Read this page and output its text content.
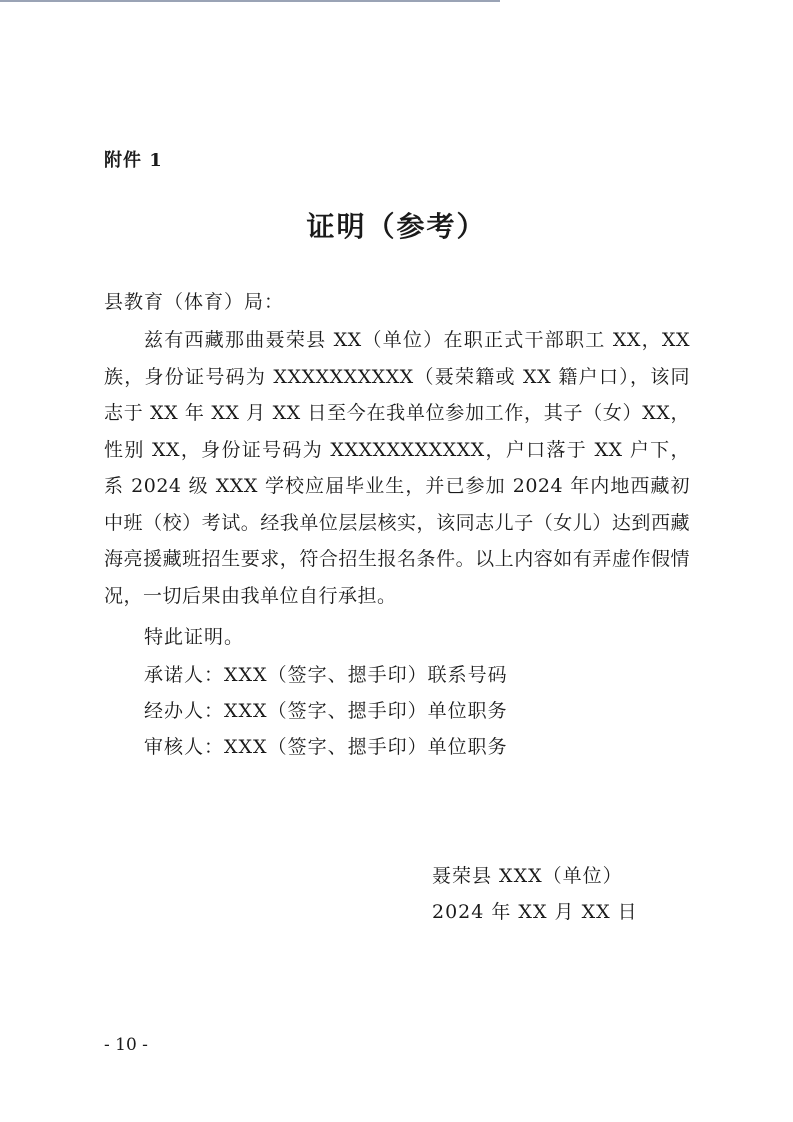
附件 1
证明（参考）
县教育（体育）局：
兹有西藏那曲聂荣县 XX（单位）在职正式干部职工 XX，XX 族，身份证号码为 XXXXXXXXXX（聂荣籍或 XX 籍户口），该同志于 XX 年 XX 月 XX 日至今在我单位参加工作，其子（女）XX，性别 XX，身份证号码为 XXXXXXXXXXX，户口落于 XX 户下，系 2024 级 XXX 学校应届毕业生，并已参加 2024 年内地西藏初中班（校）考试。经我单位层层核实，该同志儿子（女儿）达到西藏海亮援藏班招生要求，符合招生报名条件。以上内容如有弄虚作假情况，一切后果由我单位自行承担。
特此证明。
承诺人：XXX（签字、摁手印）联系号码
经办人：XXX（签字、摁手印）单位职务
审核人：XXX（签字、摁手印）单位职务
聂荣县 XXX（单位）
2024 年 XX 月 XX 日
- 10 -
